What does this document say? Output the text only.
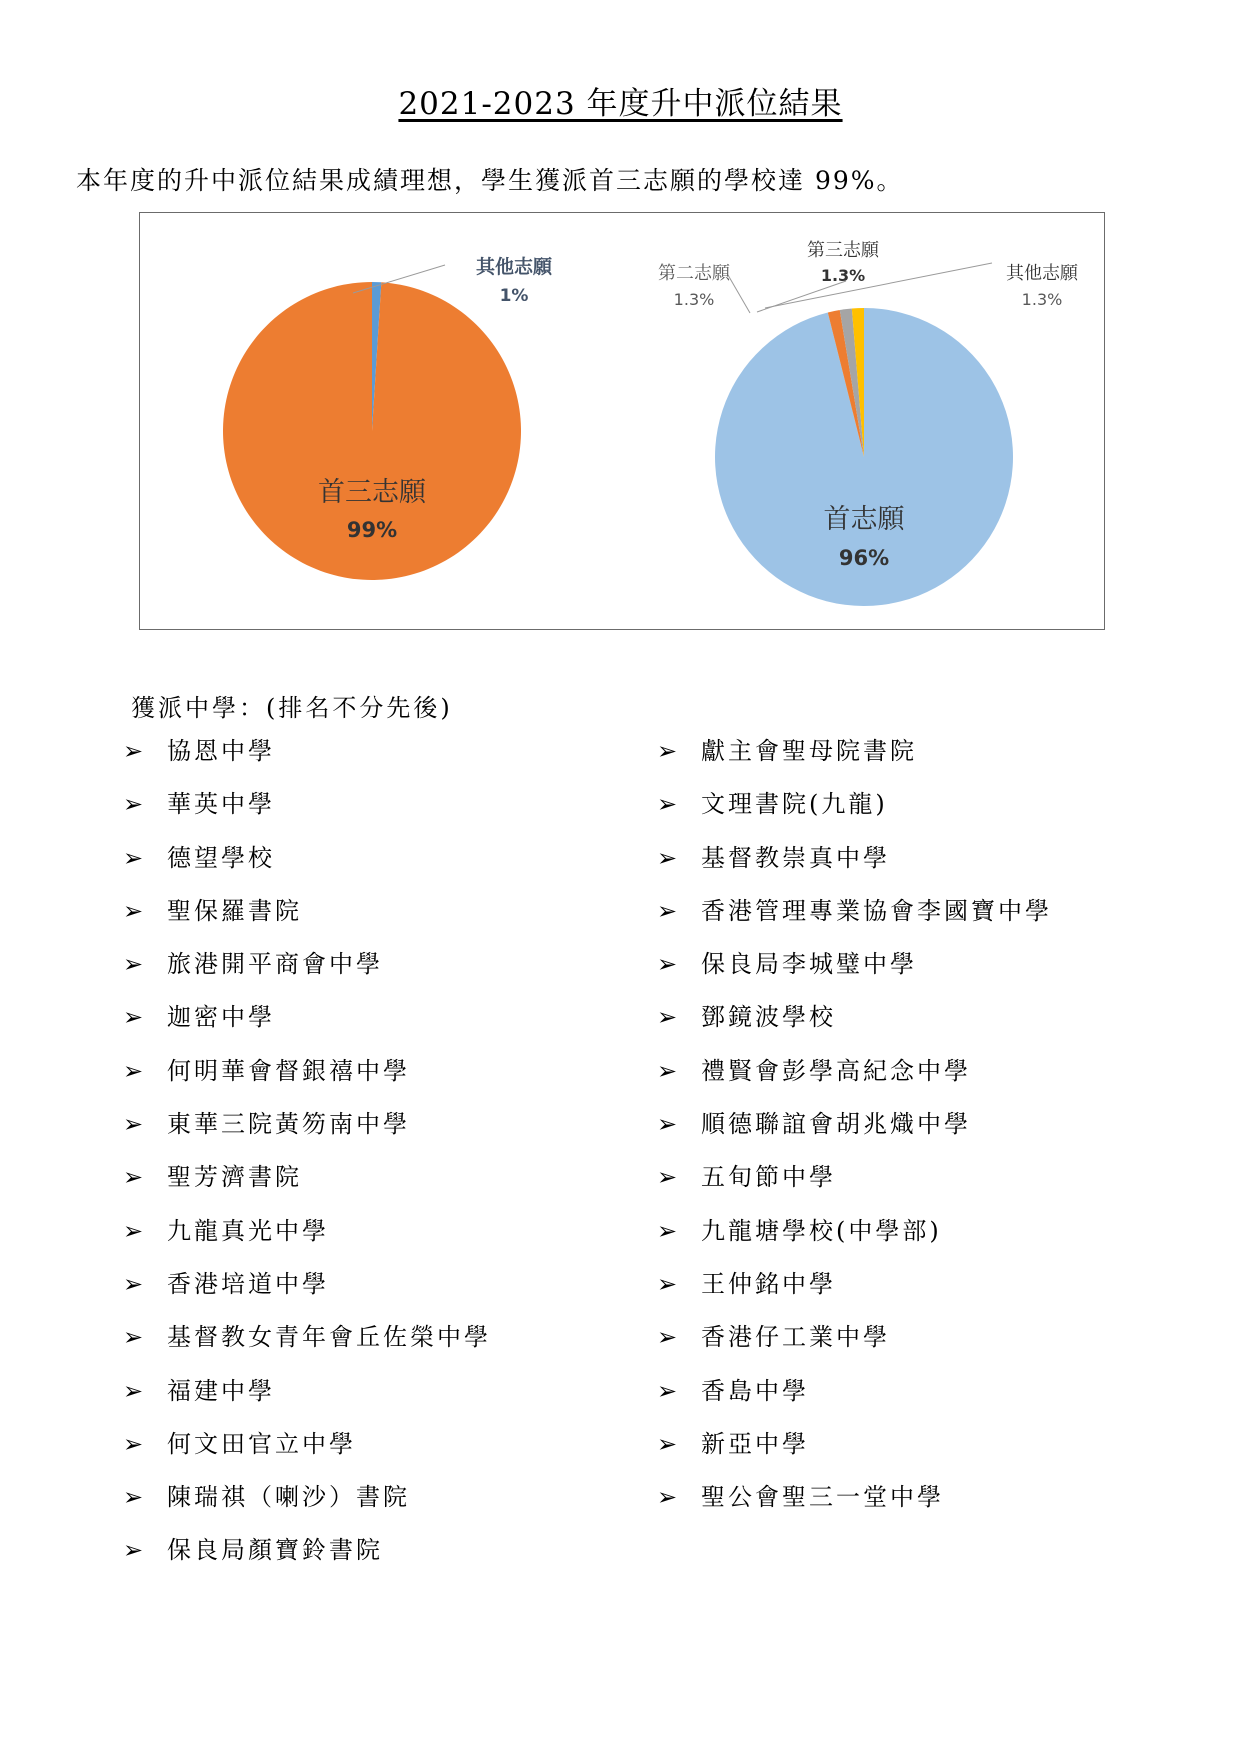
2021-2023 年度升中派位結果
本年度的升中派位結果成績理想，學生獲派首三志願的學校達 99%。
首三志願
99%
其他志願
1%
首志願
96%
第二志願
1.3%
第三志願
1.3%	其他志願
1.3%
獲派中學：(排名不分先後)
➢ 協恩中學
➢ 華英中學
➢ 德望學校
➢ 聖保羅書院
➢ 旅港開平商會中學
➢ 迦密中學
➢ 何明華會督銀禧中學
➢ 東華三院黃笏南中學
➢ 聖芳濟書院
➢ 九龍真光中學
➢ 香港培道中學
➢ 基督教女青年會丘佐榮中學
➢ 福建中學
➢ 何文田官立中學
➢ 陳瑞祺（喇沙）書院
➢ 保良局顏寶鈴書院
➢ 獻主會聖母院書院
➢ 文理書院(九龍)
➢ 基督教崇真中學
➢ 香港管理專業協會李國寶中學
➢ 保良局李城璧中學
➢ 鄧鏡波學校
➢ 禮賢會彭學高紀念中學
➢ 順德聯誼會胡兆熾中學
➢ 五旬節中學
➢ 九龍塘學校(中學部)
➢ 王仲銘中學
➢ 香港仔工業中學
➢ 香島中學
➢ 新亞中學
➢ 聖公會聖三一堂中學
